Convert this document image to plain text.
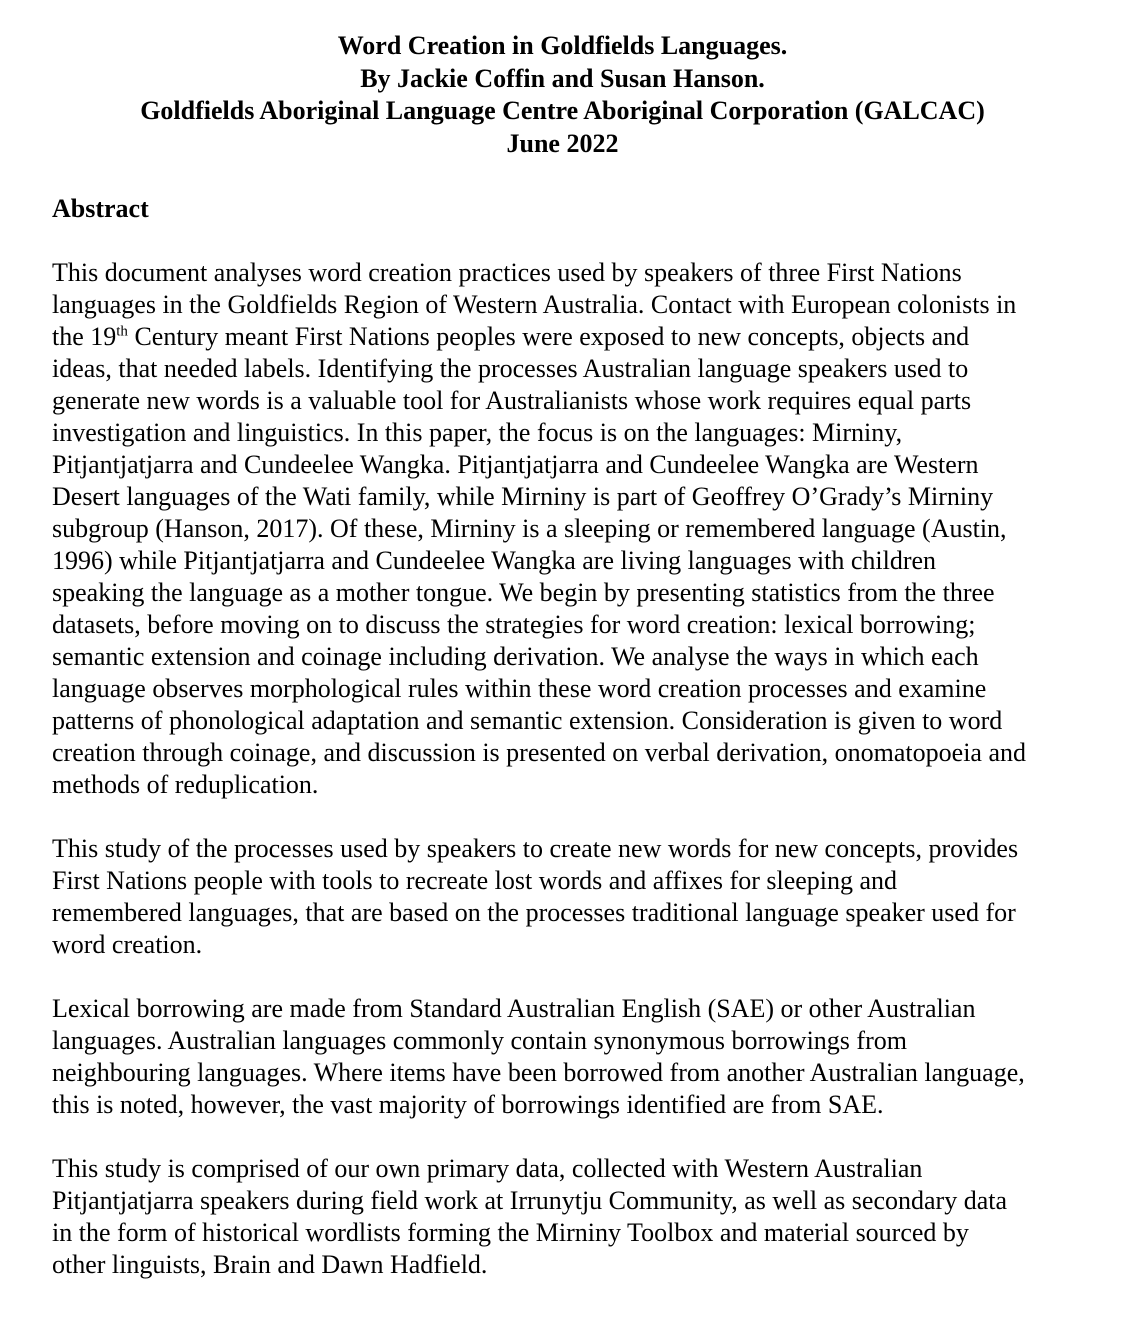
Word Creation in Goldfields Languages.
By Jackie Coffin and Susan Hanson.
Goldfields Aboriginal Language Centre Aboriginal Corporation (GALCAC)
June 2022
Abstract
This document analyses word creation practices used by speakers of three First Nations
languages in the Goldfields Region of Western Australia. Contact with European colonists in
the 19th Century meant First Nations peoples were exposed to new concepts, objects and
ideas, that needed labels. Identifying the processes Australian language speakers used to
generate new words is a valuable tool for Australianists whose work requires equal parts
investigation and linguistics. In this paper, the focus is on the languages: Mirniny,
Pitjantjatjarra and Cundeelee Wangka. Pitjantjatjarra and Cundeelee Wangka are Western
Desert languages of the Wati family, while Mirniny is part of Geoffrey O’Grady’s Mirniny
subgroup (Hanson, 2017). Of these, Mirniny is a sleeping or remembered language (Austin,
1996) while Pitjantjatjarra and Cundeelee Wangka are living languages with children
speaking the language as a mother tongue. We begin by presenting statistics from the three
datasets, before moving on to discuss the strategies for word creation: lexical borrowing;
semantic extension and coinage including derivation. We analyse the ways in which each
language observes morphological rules within these word creation processes and examine
patterns of phonological adaptation and semantic extension. Consideration is given to word
creation through coinage, and discussion is presented on verbal derivation, onomatopoeia and
methods of reduplication.
This study of the processes used by speakers to create new words for new concepts, provides
First Nations people with tools to recreate lost words and affixes for sleeping and
remembered languages, that are based on the processes traditional language speaker used for
word creation.
Lexical borrowing are made from Standard Australian English (SAE) or other Australian
languages. Australian languages commonly contain synonymous borrowings from
neighbouring languages. Where items have been borrowed from another Australian language,
this is noted, however, the vast majority of borrowings identified are from SAE.
This study is comprised of our own primary data, collected with Western Australian
Pitjantjatjarra speakers during field work at Irrunytju Community, as well as secondary data
in the form of historical wordlists forming the Mirniny Toolbox and material sourced by
other linguists, Brain and Dawn Hadfield.
